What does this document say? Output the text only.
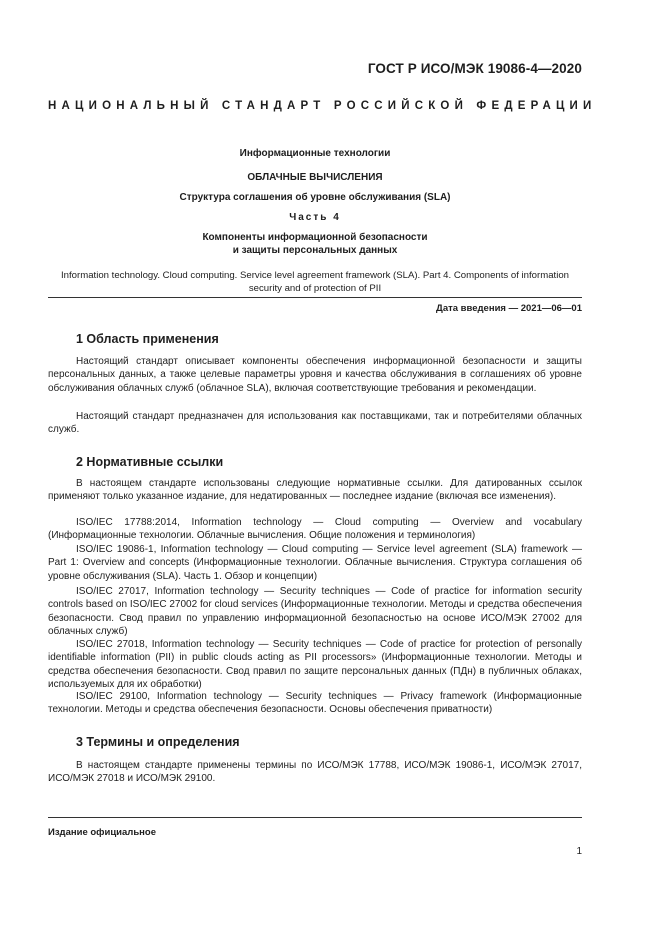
ГОСТ Р ИСО/МЭК 19086-4—2020
НАЦИОНАЛЬНЫЙ СТАНДАРТ РОССИЙСКОЙ ФЕДЕРАЦИИ
Информационные технологии
ОБЛАЧНЫЕ ВЫЧИСЛЕНИЯ
Структура соглашения об уровне обслуживания (SLA)
Часть 4
Компоненты информационной безопасности
и защиты персональных данных
Information technology. Cloud computing. Service level agreement framework (SLA). Part 4. Components of information security and of protection of PII
Дата введения — 2021—06—01
1 Область применения

Настоящий стандарт описывает компоненты обеспечения информационной безопасности и защиты персональных данных, а также целевые параметры уровня и качества обслуживания в соглашениях об уровне обслуживания облачных служб (облачное SLA), включая соответствующие требования и рекомендации.

Настоящий стандарт предназначен для использования как поставщиками, так и потребителями облачных служб.

2 Нормативные ссылки

В настоящем стандарте использованы следующие нормативные ссылки. Для датированных ссылок применяют только указанное издание, для недатированных — последнее издание (включая все изменения).

ISO/IEC 17788:2014, Information technology — Cloud computing — Overview and vocabulary (Информационные технологии. Облачные вычисления. Общие положения и терминология)

ISO/IEC 19086-1, Information technology — Cloud computing — Service level agreement (SLA) framework — Part 1: Overview and concepts (Информационные технологии. Облачные вычисления. Структура соглашения об уровне обслуживания (SLA). Часть 1. Обзор и концепции)

ISO/IEC 27017, Information technology — Security techniques — Code of practice for information security controls based on ISO/IEC 27002 for cloud services (Информационные технологии. Методы и средства обеспечения безопасности. Свод правил по управлению информационной безопасностью на основе ИСО/МЭК 27002 для облачных служб)

ISO/IEC 27018, Information technology — Security techniques — Code of practice for protection of personally identifiable information (PII) in public clouds acting as PII processors» (Информационные технологии. Методы и средства обеспечения безопасности. Свод правил по защите персональных данных (ПДн) в публичных облаках, используемых для их обработки)

ISO/IEC 29100, Information technology — Security techniques — Privacy framework (Информационные технологии. Методы и средства обеспечения безопасности. Основы обеспечения приватности)

3 Термины и определения

В настоящем стандарте применены термины по ИСО/МЭК 17788, ИСО/МЭК 19086-1, ИСО/МЭК 27017, ИСО/МЭК 27018 и ИСО/МЭК 29100.

Издание официальное
1
